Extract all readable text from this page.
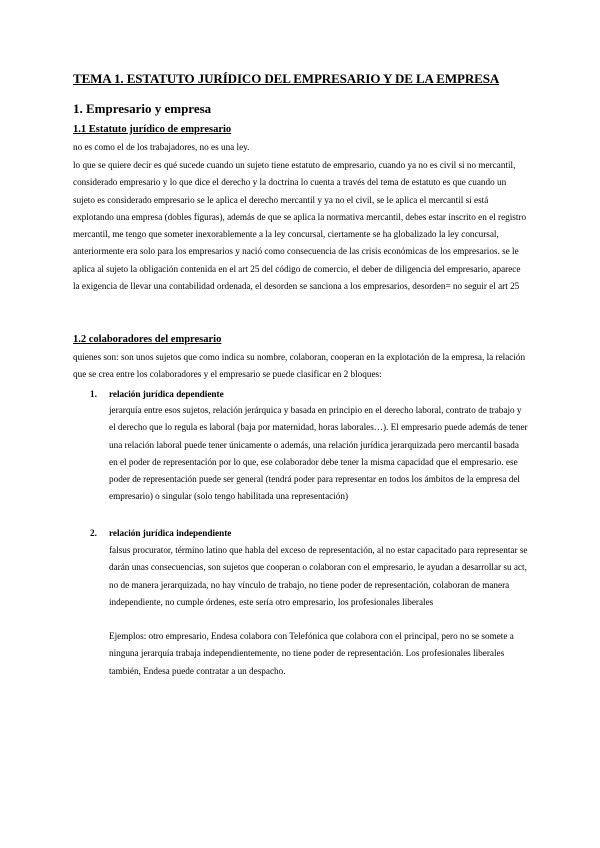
TEMA 1. ESTATUTO JURÍDICO DEL EMPRESARIO Y DE LA EMPRESA
1. Empresario y empresa
1.1 Estatuto jurídico de empresario

no es como el de los trabajadores, no es una ley.

lo que se quiere decir es qué sucede cuando un sujeto tiene estatuto de empresario, cuando ya no es civil si no mercantil, considerado empresario y lo que dice el derecho y la doctrina lo cuenta a través del tema de estatuto es que cuando un sujeto es considerado empresario se le aplica el derecho mercantil y ya no el civil, se le aplica el mercantil si está explotando una empresa (dobles figuras), además de que se aplica la normativa mercantil, debes estar inscrito en el registro mercantil, me tengo que someter inexorablemente a la ley concursal, ciertamente se ha globalizado la ley concursal, anteriormente era solo para los empresarios y nació como consecuencia de las crisis económicas de los empresarios. se le aplica al sujeto la obligación contenida en el art 25 del código de comercio, el deber de diligencia del empresario, aparece la exigencia de llevar una contabilidad ordenada, el desorden se sanciona a los empresarios, desorden= no seguir el art 25

1.2 colaboradores del empresario

quienes son: son unos sujetos que como indica su nombre, colaboran, cooperan en la explotación de la empresa, la relación que se crea entre los colaboradores y el empresario se puede clasificar en 2 bloques:

1. relación jurídica dependiente

jerarquía entre esos sujetos, relación jerárquica y basada en principio en el derecho laboral, contrato de trabajo y el derecho que lo regula es laboral (baja por maternidad, horas laborales…). El empresario puede además de tener una relación laboral puede tener únicamente o además, una relación jurídica jerarquizada pero mercantil basada en el poder de representación por lo que, ese colaborador debe tener la misma capacidad que el empresario. ese poder de representación puede ser general (tendrá poder para representar en todos los ámbitos de la empresa del empresario) o singular (solo tengo habilitada una representación)

2. relación jurídica independiente

falsus procurator, término latino que habla del exceso de representación, al no estar capacitado para representar se darán unas consecuencias, son sujetos que cooperan o colaboran con el empresario, le ayudan a desarrollar su act, no de manera jerarquizada, no hay vínculo de trabajo, no tiene poder de representación, colaboran de manera independiente, no cumple órdenes, este sería otro empresario, los profesionales liberales

Ejemplos: otro empresario, Endesa colabora con Telefónica que colabora con el principal, pero no se somete a ninguna jerarquía trabaja independientemente, no tiene poder de representación. Los profesionales liberales también, Endesa puede contratar a un despacho.
